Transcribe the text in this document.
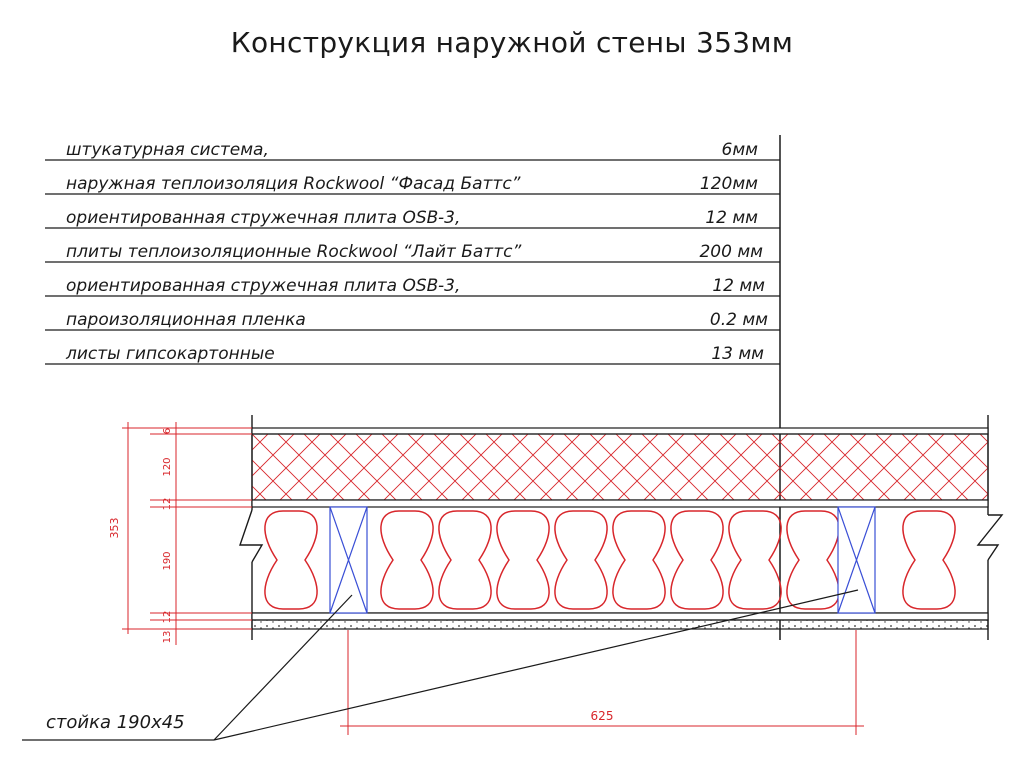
Конструкция наружной стены 353мм
штукатурная система,	6мм
наружная теплоизоляция Rockwool “Фасад Баттс”	120мм
ориентированная стружечная плита OSB-3,	12 мм
плиты теплоизоляционные Rockwool “Лайт Баттс”	200 мм
ориентированная стружечная плита OSB-3,	12 мм
пароизоляционная пленка	0.2 мм
листы гипсокартонные	13 мм
353
6
120
12
190
12
13
625
стойка 190х45
